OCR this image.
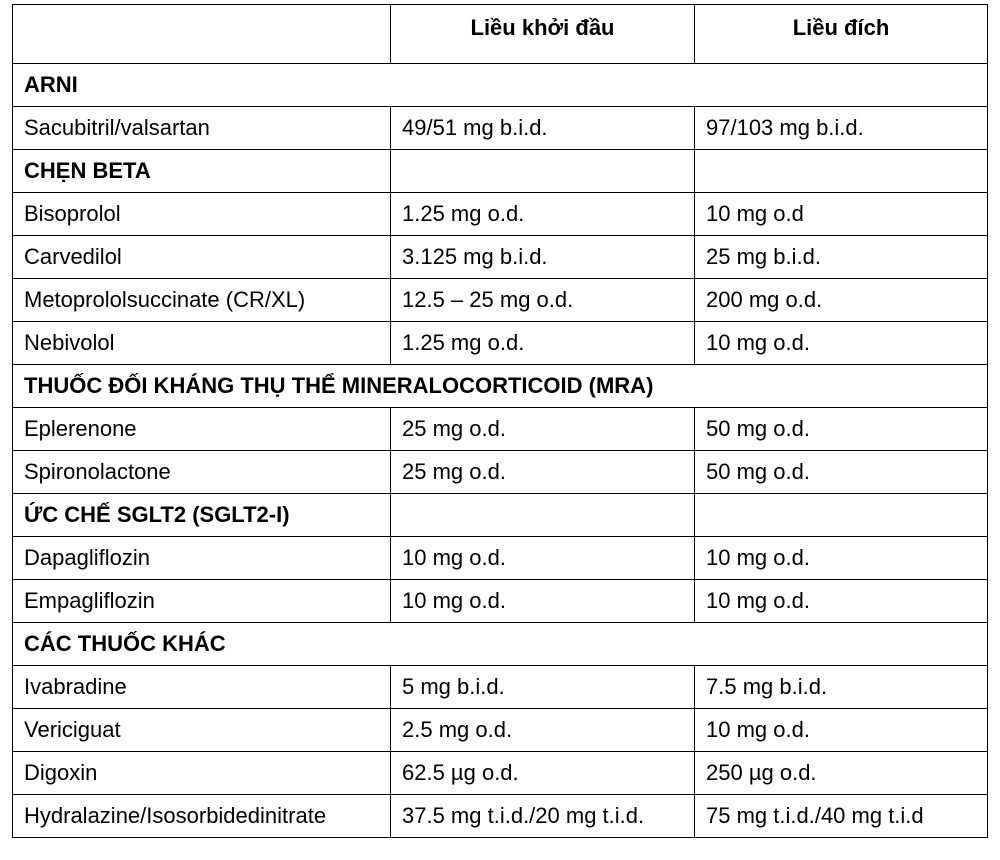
	Liều khởi đầu	Liều đích
ARNI		
Sacubitril/valsartan	49/51 mg b.i.d.	97/103 mg b.i.d.
CHẸN BETA		
Bisoprolol	1.25 mg o.d.	10 mg o.d
Carvedilol	3.125 mg b.i.d.	25 mg b.i.d.
Metoprololsuccinate (CR/XL)	12.5 – 25 mg o.d.	200 mg o.d.
Nebivolol	1.25 mg o.d.	10 mg o.d.
THUỐC ĐỐI KHÁNG THỤ THỂ MINERALOCORTICOID (MRA)		
Eplerenone	25 mg o.d.	50 mg o.d.
Spironolactone	25 mg o.d.	50 mg o.d.
ỨC CHẾ SGLT2 (SGLT2-I)		
Dapagliflozin	10 mg o.d.	10 mg o.d.
Empagliflozin	10 mg o.d.	10 mg o.d.
CÁC THUỐC KHÁC		
Ivabradine	5 mg b.i.d.	7.5 mg b.i.d.
Vericiguat	2.5 mg o.d.	10 mg o.d.
Digoxin	62.5 µg o.d.	250 µg o.d.
Hydralazine/Isosorbidedinitrate	37.5 mg t.i.d./20 mg t.i.d.	75 mg t.i.d./40 mg t.i.d
